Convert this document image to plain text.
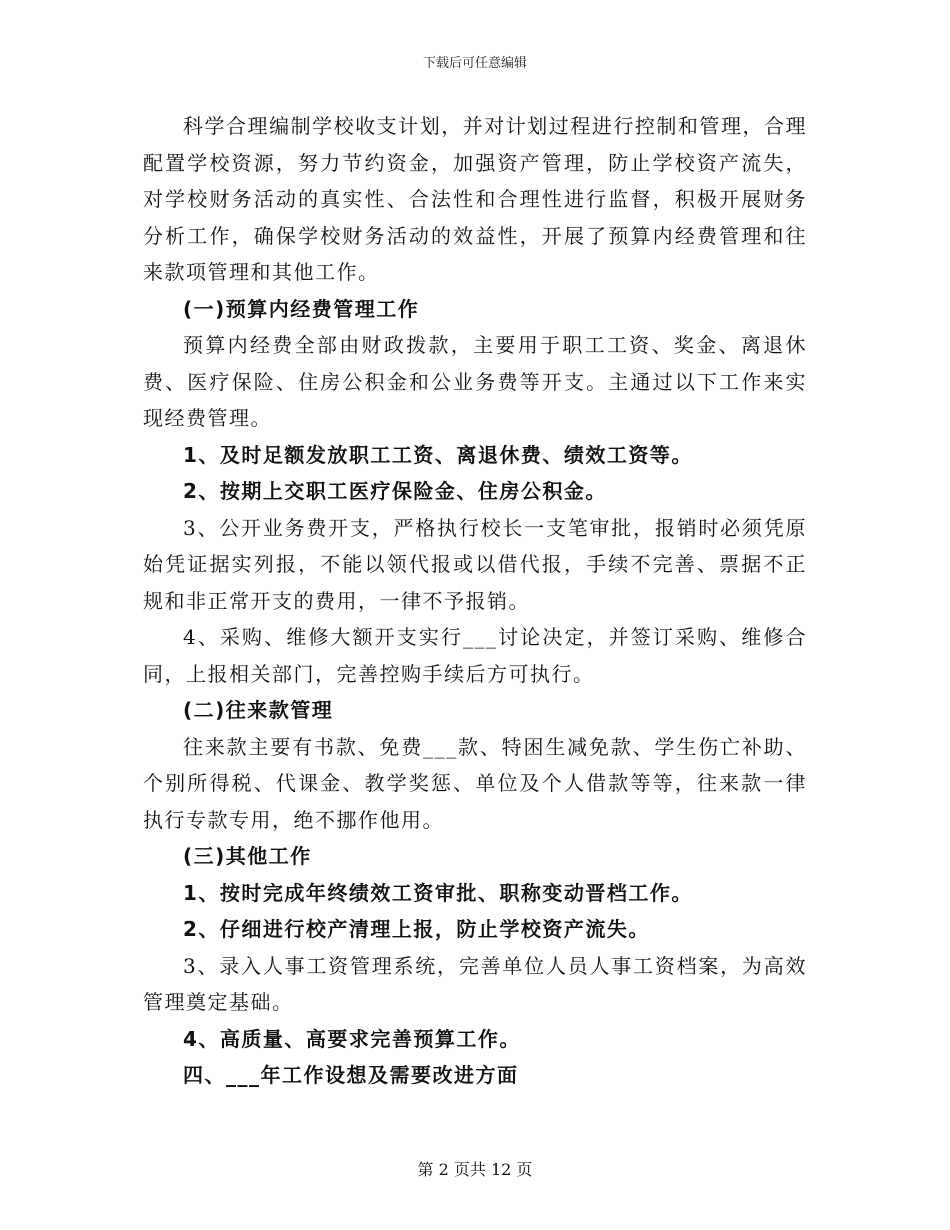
下载后可任意编辑

科学合理编制学校收支计划，并对计划过程进行控制和管理，合理配置学校资源，努力节约资金，加强资产管理，防止学校资产流失，对学校财务活动的真实性、合法性和合理性进行监督，积极开展财务分析工作，确保学校财务活动的效益性，开展了预算内经费管理和往来款项管理和其他工作。

(一)预算内经费管理工作

预算内经费全部由财政拨款，主要用于职工工资、奖金、离退休费、医疗保险、住房公积金和公业务费等开支。主通过以下工作来实现经费管理。

1、及时足额发放职工工资、离退休费、绩效工资等。

2、按期上交职工医疗保险金、住房公积金。

3、公开业务费开支，严格执行校长一支笔审批，报销时必须凭原始凭证据实列报，不能以领代报或以借代报，手续不完善、票据不正规和非正常开支的费用，一律不予报销。

4、采购、维修大额开支实行___讨论决定，并签订采购、维修合同，上报相关部门，完善控购手续后方可执行。

(二)往来款管理

往来款主要有书款、免费___款、特困生减免款、学生伤亡补助、个别所得税、代课金、教学奖惩、单位及个人借款等等，往来款一律执行专款专用，绝不挪作他用。

(三)其他工作

1、按时完成年终绩效工资审批、职称变动晋档工作。

2、仔细进行校产清理上报，防止学校资产流失。

3、录入人事工资管理系统，完善单位人员人事工资档案，为高效管理奠定基础。

4、高质量、高要求完善预算工作。

四、___年工作设想及需要改进方面

第 2 页共 12 页
